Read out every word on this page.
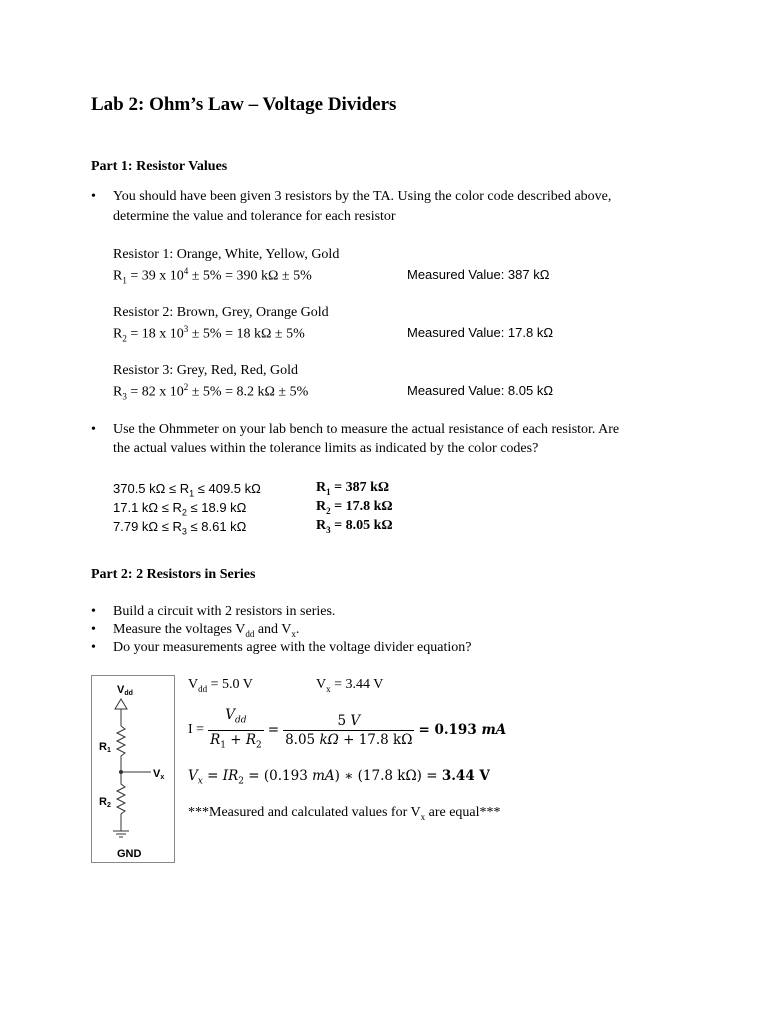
Lab 2: Ohm’s Law – Voltage Dividers
Part 1: Resistor Values
• You should have been given 3 resistors by the TA. Using the color code described above,
determine the value and tolerance for each resistor
Resistor 1: Orange, White, Yellow, Gold
$R_1 = 39$ x $10^4 \pm 5\% = 390$ kΩ ± 5%	Measured Value: 387 kΩ
Resistor 2: Brown, Grey, Orange Gold
$R_2 = 18$ x $10^3 \pm 5\% = 18$ kΩ ± 5%	Measured Value: 17.8 kΩ
Resistor 3: Grey, Red, Red, Gold
$R_3 = 82$ x $10^2 \pm 5\% = 8.2$ kΩ ± 5%	Measured Value: 8.05 kΩ
• Use the Ohmmeter on your lab bench to measure the actual resistance of each resistor. Are
the actual values within the tolerance limits as indicated by the color codes?
370.5 $k\Omega \le R_1 \le 409.5$ kΩ	$R_1 = 387$ kΩ
17.1 $k\Omega \le R_2 \le 18.9$ kΩ	$R_2 = 17.8$ kΩ
7.79 $k\Omega \le R_3 \le 8.61$ kΩ	$R_3 = 8.05$ kΩ
Part 2: 2 Resistors in Series
• Build a circuit with 2 resistors in series.
• Measure the voltages $V_{dd}$ and $V_x$.
• Do your measurements agree with the voltage divider equation?
Vdd
R1
Vx
R2
GND
$V_{dd} = 5.0$ V	$V_x = 3.44$ V
$I = \frac{V_{dd}}{R_1 + R_2} = \frac{5 V}{8.05 k\Omega + 17.8 k\Omega} = 0.193$ mA
$V_x = IR_2 = (0.193$ mA) ∗ (17.8 kΩ) = 3.44 V
***Measured and calculated values for $V_x$ are equal***
